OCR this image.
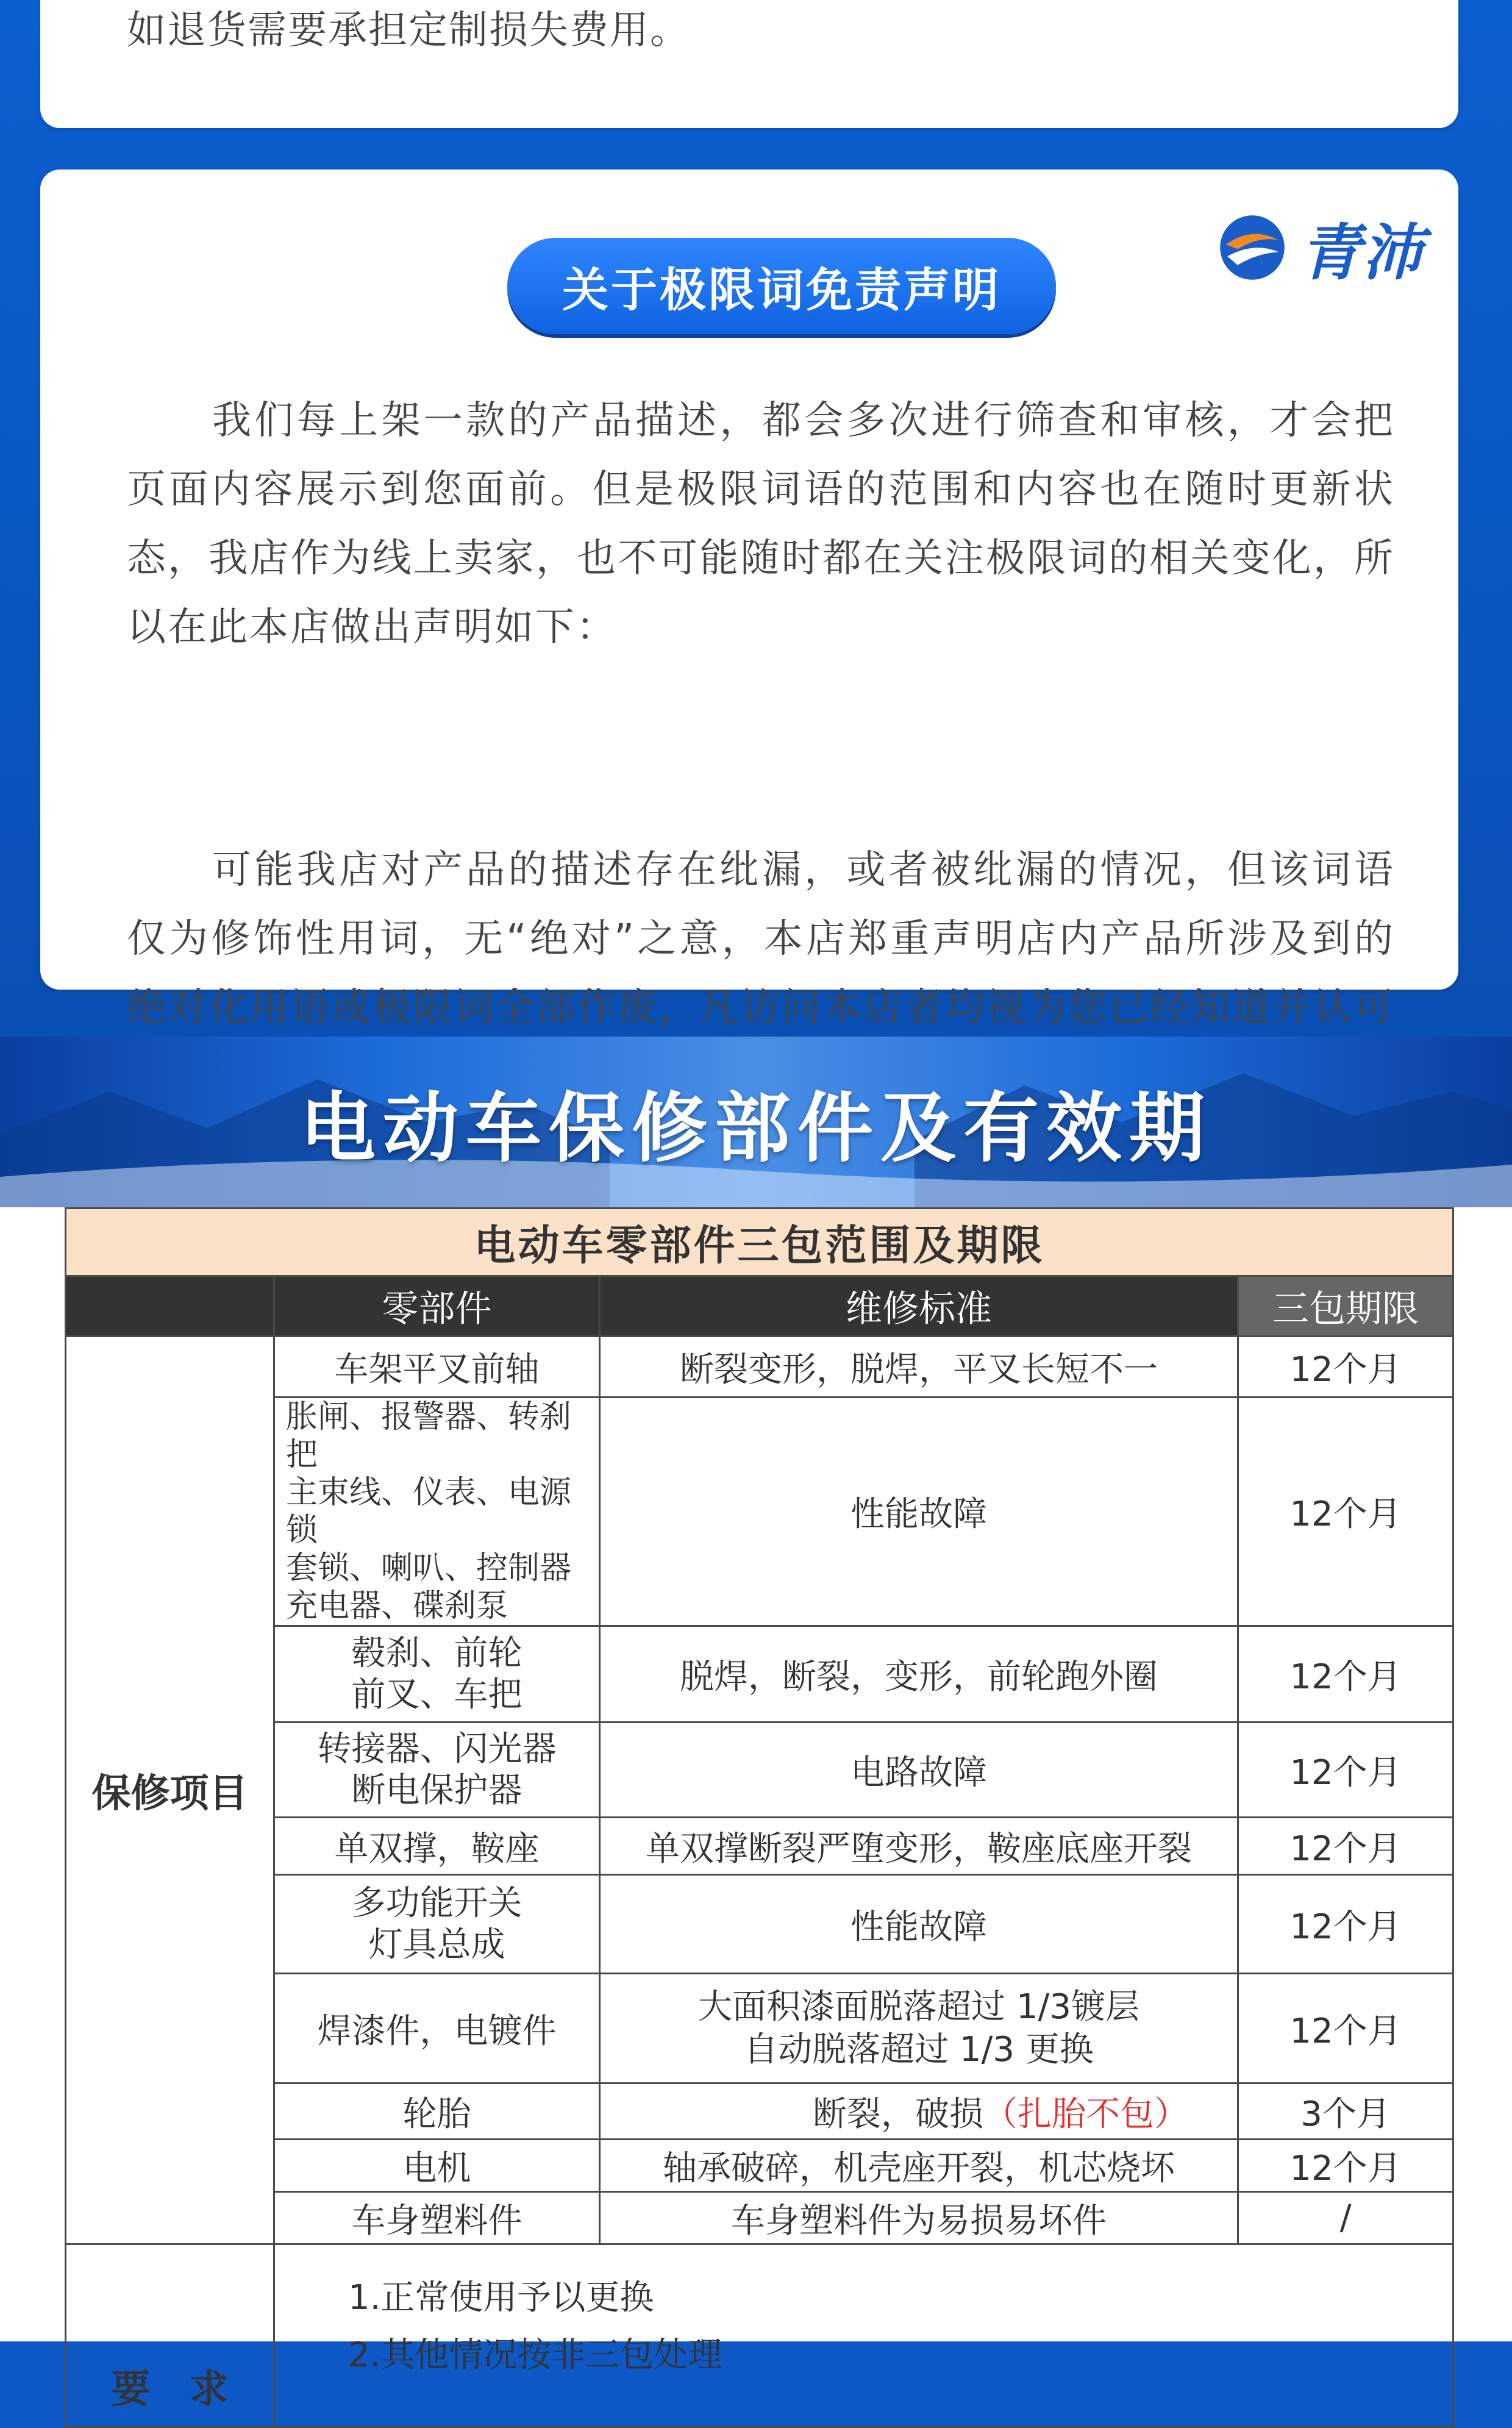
如退货需要承担定制损失费用。
关于极限词免责声明
青沛

我们每上架一款的产品描述，都会多次进行筛查和审核，才会把页面内容展示到您面前。但是极限词语的范围和内容也在随时更新状态，我店作为线上卖家，也不可能随时都在关注极限词的相关变化，所以在此本店做出声明如下：

可能我店对产品的描述存在纰漏，或者被纰漏的情况，但该词语仅为修饰性用词，无“绝对”之意，本店郑重声明店内产品所涉及到的绝对化用语或极限词全部作废，凡访问本店者均视为您已经知道并认可

电动车保修部件及有效期
电动车零部件三包范围及期限			
	零部件	维修标准	三包期限
保修项目	车架平叉前轴	断裂变形，脱焊，平叉长短不一	12个月

	胀闸、报警器、转刹把
主束线、仪表、电源锁
套锁、喇叭、控制器
充电器、碟刹泵	性能故障	12个月

	毂刹、前轮
前叉、车把	脱焊，断裂，变形，前轮跑外圈	12个月

	转接器、闪光器
断电保护器	电路故障	12个月
	单双撑，鞍座	单双撑断裂严堕变形，鞍座底座开裂	12个月

	多功能开关
灯具总成	性能故障	12个月
	焊漆件，电镀件	大面积漆面脱落超过 1/3镀层
自动脱落超过 1/3 更换	12个月
	轮胎	断裂，破损（扎胎不包）	3个月
	电机	轴承破碎，机壳座开裂，机芯烧坏	12个月
	车身塑料件	车身塑料件为易损易坏件	/
要　求	1.正常使用予以更换
2.其他情况按非三包处理		
